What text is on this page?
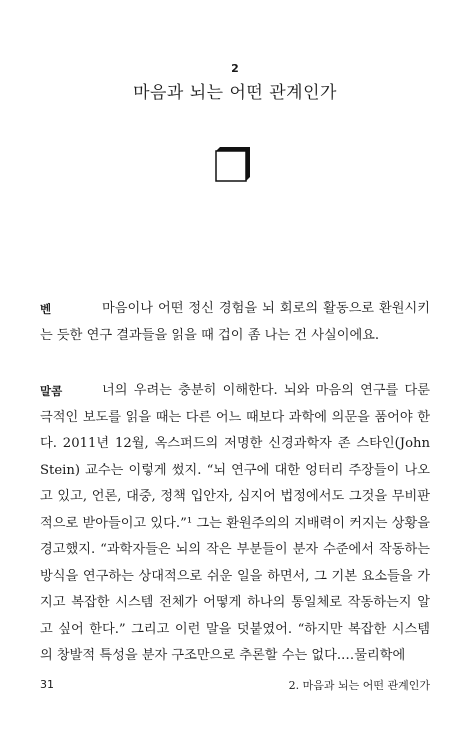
2
마음과 뇌는 어떤 관계인가
벤	마음이나 어떤 정신 경험을 뇌 회로의 활동으로 환원시키는 듯한 연구 결과들을 읽을 때 겁이 좀 나는 건 사실이에요.
말콤	너의 우려는 충분히 이해한다. 뇌와 마음의 연구를 다룬 극적인 보도를 읽을 때는 다른 어느 때보다 과학에 의문을 품어야 한다. 2011년 12월, 옥스퍼드의 저명한 신경과학자 존 스타인(John Stein) 교수는 이렇게 썼지. “뇌 연구에 대한 엉터리 주장들이 나오고 있고, 언론, 대중, 정책 입안자, 심지어 법정에서도 그것을 무비판적으로 받아들이고 있다.”¹ 그는 환원주의의 지배력이 커지는 상황을 경고했지. “과학자들은 뇌의 작은 부분들이 분자 수준에서 작동하는 방식을 연구하는 상대적으로 쉬운 일을 하면서, 그 기본 요소들을 가지고 복잡한 시스템 전체가 어떻게 하나의 통일체로 작동하는지 알고 싶어 한다.” 그리고 이런 말을 덧붙였어. “하지만 복잡한 시스템의 창발적 특성을 분자 구조만으로 추론할 수는 없다.…물리학에
31	2. 마음과 뇌는 어떤 관계인가
